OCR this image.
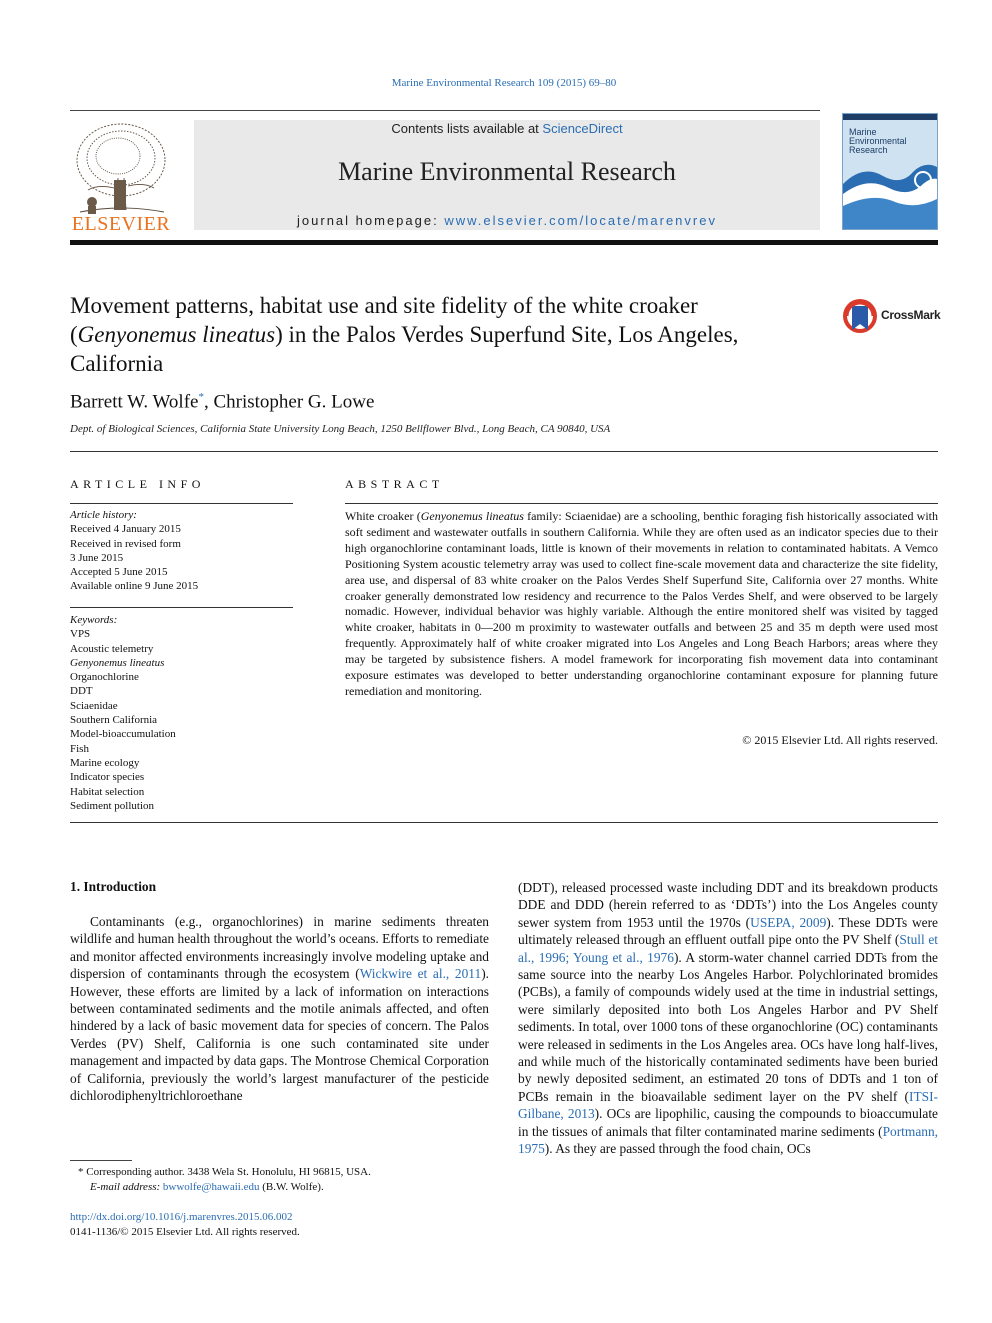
Marine Environmental Research 109 (2015) 69–80
ELSEVIER
Contents lists available at ScienceDirect
Marine Environmental Research
journal homepage: www.elsevier.com/locate/marenvrev
Marine
Environmental
Research
Movement patterns, habitat use and site fidelity of the white croaker (Genyonemus lineatus) in the Palos Verdes Superfund Site, Los Angeles, California
CrossMark
Barrett W. Wolfe*, Christopher G. Lowe
Dept. of Biological Sciences, California State University Long Beach, 1250 Bellflower Blvd., Long Beach, CA 90840, USA
ARTICLE INFO
Article history:
Received 4 January 2015
Received in revised form
3 June 2015
Accepted 5 June 2015
Available online 9 June 2015
Keywords:
VPS
Acoustic telemetry
Genyonemus lineatus
Organochlorine
DDT
Sciaenidae
Southern California
Model-bioaccumulation
Fish
Marine ecology
Indicator species
Habitat selection
Sediment pollution
ABSTRACT
White croaker (Genyonemus lineatus family: Sciaenidae) are a schooling, benthic foraging fish historically associated with soft sediment and wastewater outfalls in southern California. While they are often used as an indicator species due to their high organochlorine contaminant loads, little is known of their movements in relation to contaminated habitats. A Vemco Positioning System acoustic telemetry array was used to collect fine-scale movement data and characterize the site fidelity, area use, and dispersal of 83 white croaker on the Palos Verdes Shelf Superfund Site, California over 27 months. White croaker generally demonstrated low residency and recurrence to the Palos Verdes Shelf, and were observed to be largely nomadic. However, individual behavior was highly variable. Although the entire monitored shelf was visited by tagged white croaker, habitats in 0—200 m proximity to wastewater outfalls and between 25 and 35 m depth were used most frequently. Approximately half of white croaker migrated into Los Angeles and Long Beach Harbors; areas where they may be targeted by subsistence fishers. A model framework for incorporating fish movement data into contaminant exposure estimates was developed to better understanding organochlorine contaminant exposure for planning future remediation and monitoring.
© 2015 Elsevier Ltd. All rights reserved.
1. Introduction
Contaminants (e.g., organochlorines) in marine sediments threaten wildlife and human health throughout the world’s oceans. Efforts to remediate and monitor affected environments increasingly involve modeling uptake and dispersion of contaminants through the ecosystem (Wickwire et al., 2011). However, these efforts are limited by a lack of information on interactions between contaminated sediments and the motile animals affected, and often hindered by a lack of basic movement data for species of concern. The Palos Verdes (PV) Shelf, California is one such contaminated site under management and impacted by data gaps. The Montrose Chemical Corporation of California, previously the world’s largest manufacturer of the pesticide dichlorodiphenyltrichloroethane
(DDT), released processed waste including DDT and its breakdown products DDE and DDD (herein referred to as ‘DDTs’) into the Los Angeles county sewer system from 1953 until the 1970s (USEPA, 2009). These DDTs were ultimately released through an effluent outfall pipe onto the PV Shelf (Stull et al., 1996; Young et al., 1976). A storm-water channel carried DDTs from the same source into the nearby Los Angeles Harbor. Polychlorinated bromides (PCBs), a family of compounds widely used at the time in industrial settings, were similarly deposited into both Los Angeles Harbor and PV Shelf sediments. In total, over 1000 tons of these organochlorine (OC) contaminants were released in sediments in the Los Angeles area. OCs have long half-lives, and while much of the historically contaminated sediments have been buried by newly deposited sediment, an estimated 20 tons of DDTs and 1 ton of PCBs remain in the bioavailable sediment layer on the PV shelf (ITSI-Gilbane, 2013). OCs are lipophilic, causing the compounds to bioaccumulate in the tissues of animals that filter contaminated marine sediments (Portmann, 1975). As they are passed through the food chain, OCs
* Corresponding author. 3438 Wela St. Honolulu, HI 96815, USA.
E-mail address: bwwolfe@hawaii.edu (B.W. Wolfe).
http://dx.doi.org/10.1016/j.marenvres.2015.06.002
0141-1136/© 2015 Elsevier Ltd. All rights reserved.
